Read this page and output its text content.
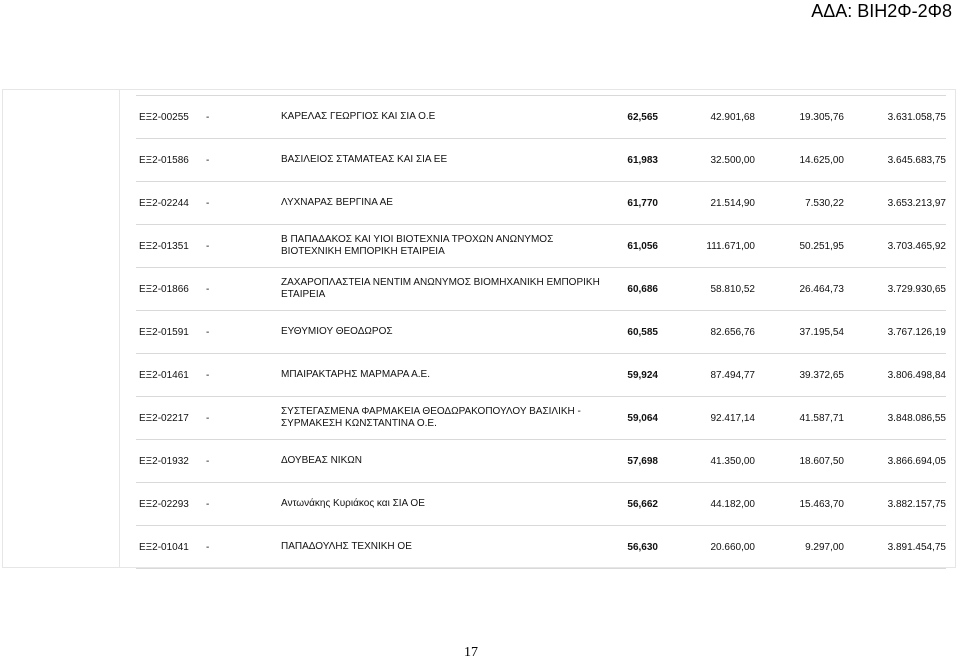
ΑΔΑ: ΒΙΗ2Φ-2Φ8
ΕΞ2-00255	-	ΚΑΡΕΛΑΣ ΓΕΩΡΓΙΟΣ ΚΑΙ ΣΙΑ Ο.Ε	62,565	42.901,68	19.305,76	3.631.058,75
ΕΞ2-01586	-	ΒΑΣΙΛΕΙΟΣ ΣΤΑΜΑΤΕΑΣ ΚΑΙ ΣΙΑ ΕΕ	61,983	32.500,00	14.625,00	3.645.683,75
ΕΞ2-02244	-	ΛΥΧΝΑΡΑΣ ΒΕΡΓΙΝΑ ΑΕ	61,770	21.514,90	7.530,22	3.653.213,97
ΕΞ2-01351	-	Β ΠΑΠΑΔΑΚΟΣ ΚΑΙ ΥΙΟΙ ΒΙΟΤΕΧΝΙΑ ΤΡΟΧΩΝ ΑΝΩΝΥΜΟΣ ΒΙΟΤΕΧΝΙΚΗ ΕΜΠΟΡΙΚΗ ΕΤΑΙΡΕΙΑ	61,056	111.671,00	50.251,95	3.703.465,92
ΕΞ2-01866	-	ΖΑΧΑΡΟΠΛΑΣΤΕΙΑ ΝΕΝΤΙΜ ΑΝΩΝΥΜΟΣ ΒΙΟΜΗΧΑΝΙΚΗ ΕΜΠΟΡΙΚΗ ΕΤΑΙΡΕΙΑ	60,686	58.810,52	26.464,73	3.729.930,65
ΕΞ2-01591	-	ΕΥΘΥΜΙΟΥ ΘΕΟΔΩΡΟΣ	60,585	82.656,76	37.195,54	3.767.126,19
ΕΞ2-01461	-	ΜΠΑΙΡΑΚΤΑΡΗΣ ΜΑΡΜΑΡΑ Α.Ε.	59,924	87.494,77	39.372,65	3.806.498,84
ΕΞ2-02217	-	ΣΥΣΤΕΓΑΣΜΕΝΑ ΦΑΡΜΑΚΕΙΑ ΘΕΟΔΩΡΑΚΟΠΟΥΛΟΥ ΒΑΣΙΛΙΚΗ - ΣΥΡΜΑΚΕΣΗ ΚΩΝΣΤΑΝΤΙΝΑ Ο.Ε.	59,064	92.417,14	41.587,71	3.848.086,55
ΕΞ2-01932	-	ΔΟΥΒΕΑΣ ΝΙΚΩΝ	57,698	41.350,00	18.607,50	3.866.694,05
ΕΞ2-02293	-	Αντωνάκης Κυριάκος και ΣΙΑ ΟΕ	56,662	44.182,00	15.463,70	3.882.157,75
ΕΞ2-01041	-	ΠΑΠΑΔΟΥΛΗΣ ΤΕΧΝΙΚΗ ΟΕ	56,630	20.660,00	9.297,00	3.891.454,75
17
